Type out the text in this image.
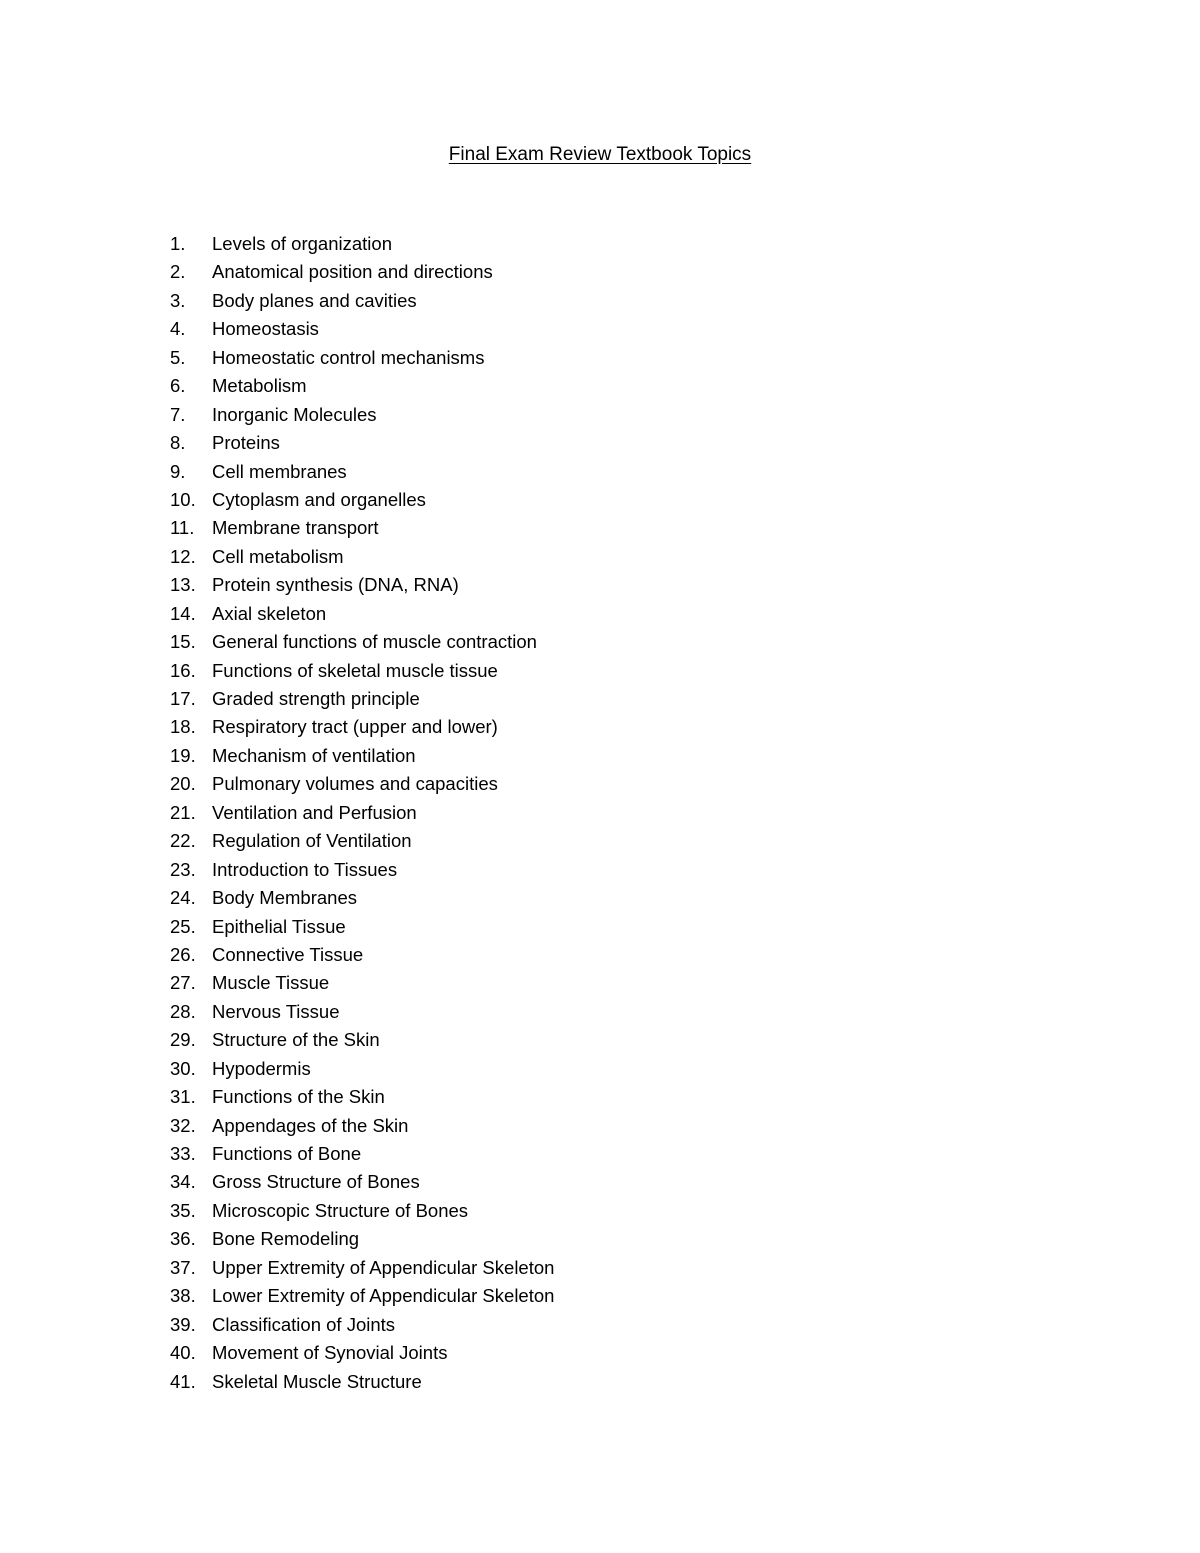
Final Exam Review Textbook Topics
1.	Levels of organization
2.	Anatomical position and directions
3.	Body planes and cavities
4.	Homeostasis
5.	Homeostatic control mechanisms
6.	Metabolism
7.	Inorganic Molecules
8.	Proteins
9.	Cell membranes
10. Cytoplasm and organelles
11. Membrane transport
12. Cell metabolism
13. Protein synthesis (DNA, RNA)
14. Axial skeleton
15. General functions of muscle contraction
16. Functions of skeletal muscle tissue
17. Graded strength principle
18. Respiratory tract (upper and lower)
19. Mechanism of ventilation
20. Pulmonary volumes and capacities
21. Ventilation and Perfusion
22. Regulation of Ventilation
23. Introduction to Tissues
24. Body Membranes
25. Epithelial Tissue
26. Connective Tissue
27. Muscle Tissue
28. Nervous Tissue
29. Structure of the Skin
30. Hypodermis
31. Functions of the Skin
32. Appendages of the Skin
33. Functions of Bone
34. Gross Structure of Bones
35. Microscopic Structure of Bones
36. Bone Remodeling
37. Upper Extremity of Appendicular Skeleton
38. Lower Extremity of Appendicular Skeleton
39. Classification of Joints
40. Movement of Synovial Joints
41. Skeletal Muscle Structure
